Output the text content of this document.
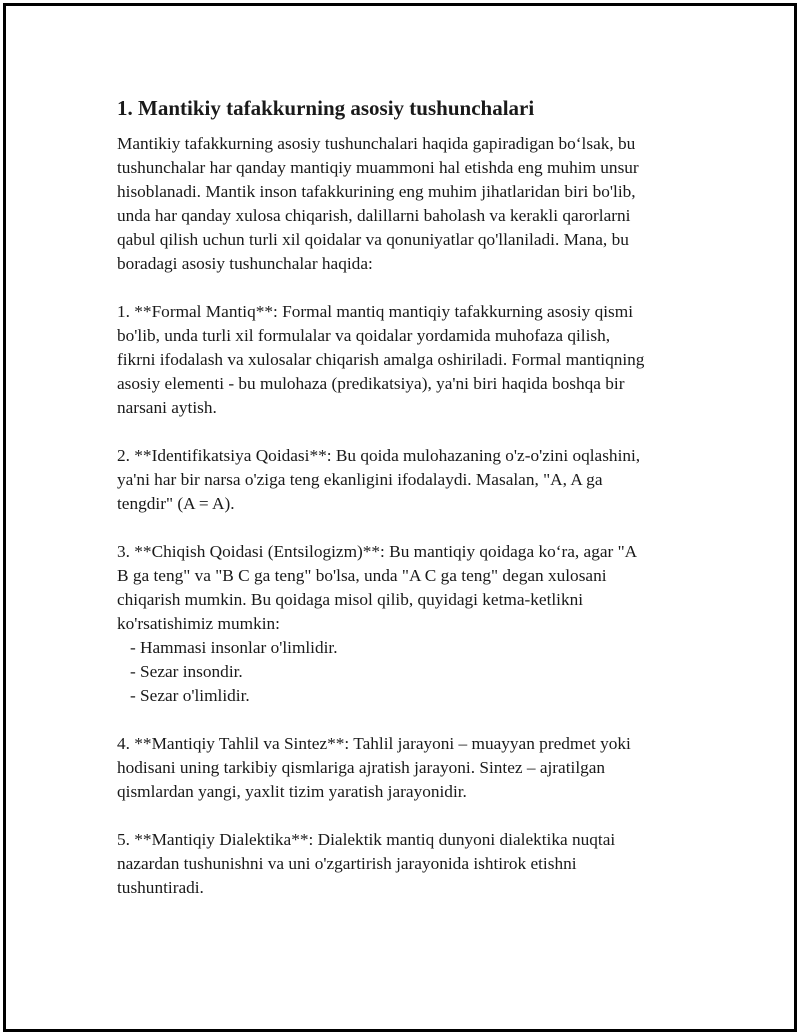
1. Mantikiy tafakkurning asosiy tushunchalari
Mantikiy tafakkurning asosiy tushunchalari haqida gapiradigan bo‘lsak, bu
tushunchalar har qanday mantiqiy muammoni hal etishda eng muhim unsur
hisoblanadi. Mantik inson tafakkurining eng muhim jihatlaridan biri bo'lib,
unda har qanday xulosa chiqarish, dalillarni baholash va kerakli qarorlarni
qabul qilish uchun turli xil qoidalar va qonuniyatlar qo'llaniladi. Mana, bu
boradagi asosiy tushunchalar haqida:
1. **Formal Mantiq**: Formal mantiq mantiqiy tafakkurning asosiy qismi
bo'lib, unda turli xil formulalar va qoidalar yordamida muhofaza qilish,
fikrni ifodalash va xulosalar chiqarish amalga oshiriladi. Formal mantiqning
asosiy elementi - bu mulohaza (predikatsiya), ya'ni biri haqida boshqa bir
narsani aytish.
2. **Identifikatsiya Qoidasi**: Bu qoida mulohazaning o'z-o'zini oqlashini,
ya'ni har bir narsa o'ziga teng ekanligini ifodalaydi. Masalan, "A, A ga
tengdir" (A = A).
3. **Chiqish Qoidasi (Entsilogizm)**: Bu mantiqiy qoidaga ko‘ra, agar "A
B ga teng" va "B C ga teng" bo'lsa, unda "A C ga teng" degan xulosani
chiqarish mumkin. Bu qoidaga misol qilib, quyidagi ketma-ketlikni
ko'rsatishimiz mumkin:
- Hammasi insonlar o'limlidir.
- Sezar insondir.
- Sezar o'limlidir.
4. **Mantiqiy Tahlil va Sintez**: Tahlil jarayoni – muayyan predmet yoki
hodisani uning tarkibiy qismlariga ajratish jarayoni. Sintez – ajratilgan
qismlardan yangi, yaxlit tizim yaratish jarayonidir.
5. **Mantiqiy Dialektika**: Dialektik mantiq dunyoni dialektika nuqtai
nazardan tushunishni va uni o'zgartirish jarayonida ishtirok etishni
tushuntiradi.
